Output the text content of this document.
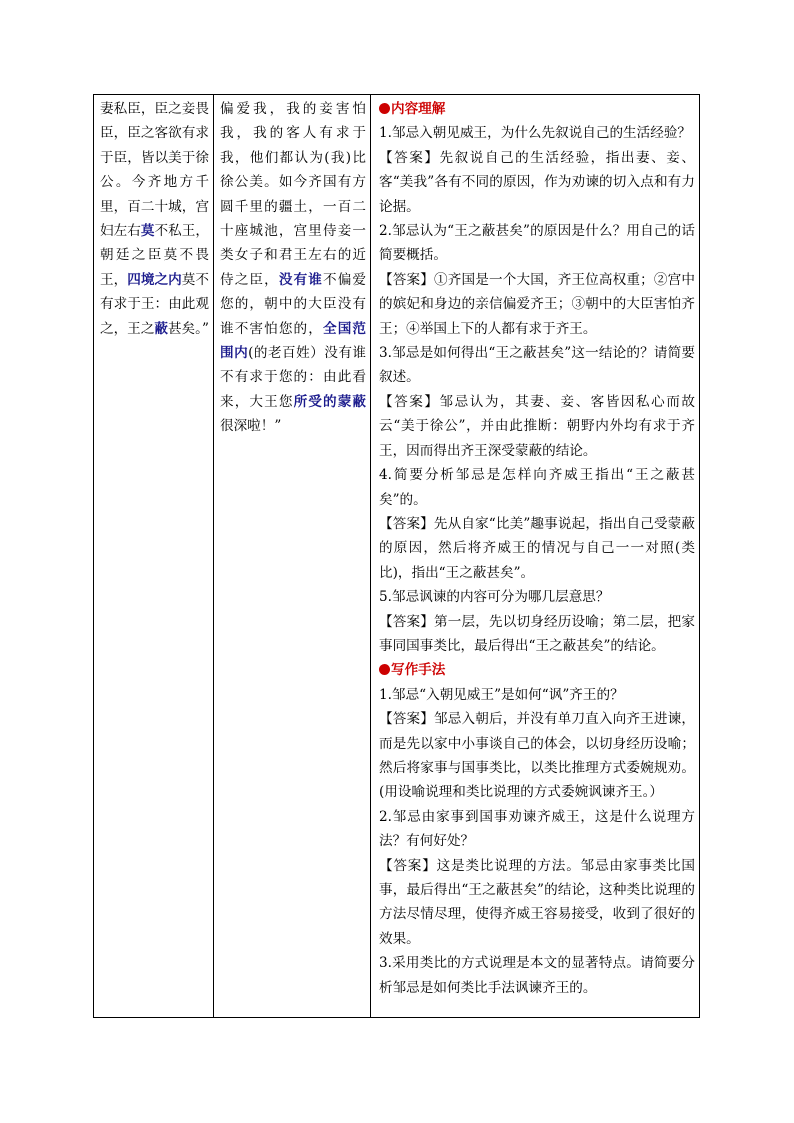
妻私臣，臣之妾畏臣，臣之客欲有求于臣，皆以美于徐公。今齐地方千里，百二十城，宫妇左右莫不私王，朝廷之臣莫不畏王，四境之内莫不有求于王：由此观之，王之蔽甚矣。”
偏爱我，我的妾害怕我，我的客人有求于我，他们都认为(我)比徐公美。如今齐国有方圆千里的疆土，一百二十座城池，宫里侍妾一类女子和君王左右的近侍之臣，没有谁不偏爱您的，朝中的大臣没有谁不害怕您的，全国范围内(的老百姓）没有谁不有求于您的：由此看来，大王您所受的蒙蔽很深啦！”
内容理解

1.邹忌入朝见威王，为什么先叙说自己的生活经验？

【答案】先叙说自己的生活经验，指出妻、妾、客“美我”各有不同的原因，作为劝谏的切入点和有力论据。

2.邹忌认为“王之蔽甚矣”的原因是什么？用自己的话简要概括。

【答案】①齐国是一个大国，齐王位高权重；②宫中的嫔妃和身边的亲信偏爱齐王；③朝中的大臣害怕齐王；④举国上下的人都有求于齐王。

3.邹忌是如何得出“王之蔽甚矣”这一结论的？请简要叙述。

【答案】邹忌认为，其妻、妾、客皆因私心而故云“美于徐公”，并由此推断：朝野内外均有求于齐王，因而得出齐王深受蒙蔽的结论。

4.简要分析邹忌是怎样向齐威王指出“王之蔽甚矣”的。

【答案】先从自家“比美”趣事说起，指出自己受蒙蔽的原因，然后将齐威王的情况与自己一一对照(类比)，指出“王之蔽甚矣”。

5.邹忌讽谏的内容可分为哪几层意思？

【答案】第一层，先以切身经历设喻；第二层，把家事同国事类比，最后得出“王之蔽甚矣”的结论。

写作手法

1.邹忌“入朝见威王”是如何“讽”齐王的？

【答案】邹忌入朝后，并没有单刀直入向齐王进谏，而是先以家中小事谈自己的体会，以切身经历设喻；然后将家事与国事类比，以类比推理方式委婉规劝。(用设喻说理和类比说理的方式委婉讽谏齐王。）

2.邹忌由家事到国事劝谏齐威王，这是什么说理方法？有何好处？

【答案】这是类比说理的方法。邹忌由家事类比国事，最后得出“王之蔽甚矣”的结论，这种类比说理的方法尽情尽理，使得齐威王容易接受，收到了很好的效果。

3.采用类比的方式说理是本文的显著特点。请简要分析邹忌是如何类比手法讽谏齐王的。
